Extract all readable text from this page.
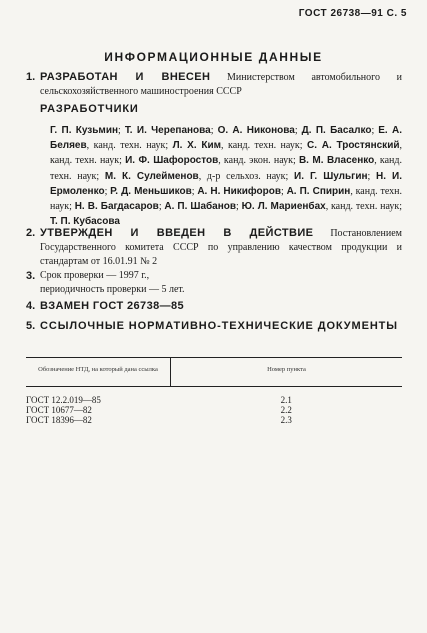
ГОСТ 26738—91 С. 5
ИНФОРМАЦИОННЫЕ ДАННЫЕ
1. РАЗРАБОТАН И ВНЕСЕН Министерством автомобильного и сельскохозяйственного машиностроения СССР
РАЗРАБОТЧИКИ
Г. П. Кузьмин; Т. И. Черепанова; О. А. Никонова; Д. П. Басалко; Е. А. Беляев, канд. техн. наук; Л. Х. Ким, канд. техн. наук; С. А. Тростянский, канд. техн. наук; И. Ф. Шафоростов, канд. экон. наук; В. М. Власенко, канд. техн. наук; М. К. Сулейменов, д-р сельхоз. наук; И. Г. Шульгин; Н. И. Ермоленко; Р. Д. Меньшиков; А. Н. Никифоров; А. П. Спирин, канд. техн. наук; Н. В. Багдасаров; А. П. Шабанов; Ю. Л. Мариенбах, канд. техн. наук; Т. П. Кубасова
2. УТВЕРЖДЕН И ВВЕДЕН В ДЕЙСТВИЕ Постановлением Государственного комитета СССР по управлению качеством продукции и стандартам от 16.01.91 № 2
3. Срок проверки — 1997 г.,
периодичность проверки — 5 лет.
4. ВЗАМЕН ГОСТ 26738—85
5. ССЫЛОЧНЫЕ НОРМАТИВНО-ТЕХНИЧЕСКИЕ ДОКУМЕНТЫ
Обозначение НТД, на который дана ссылка	Номер пункта
ГОСТ 12.2.019—85	2.1
ГОСТ 10677—82	2.2
ГОСТ 18396—82	2.3
